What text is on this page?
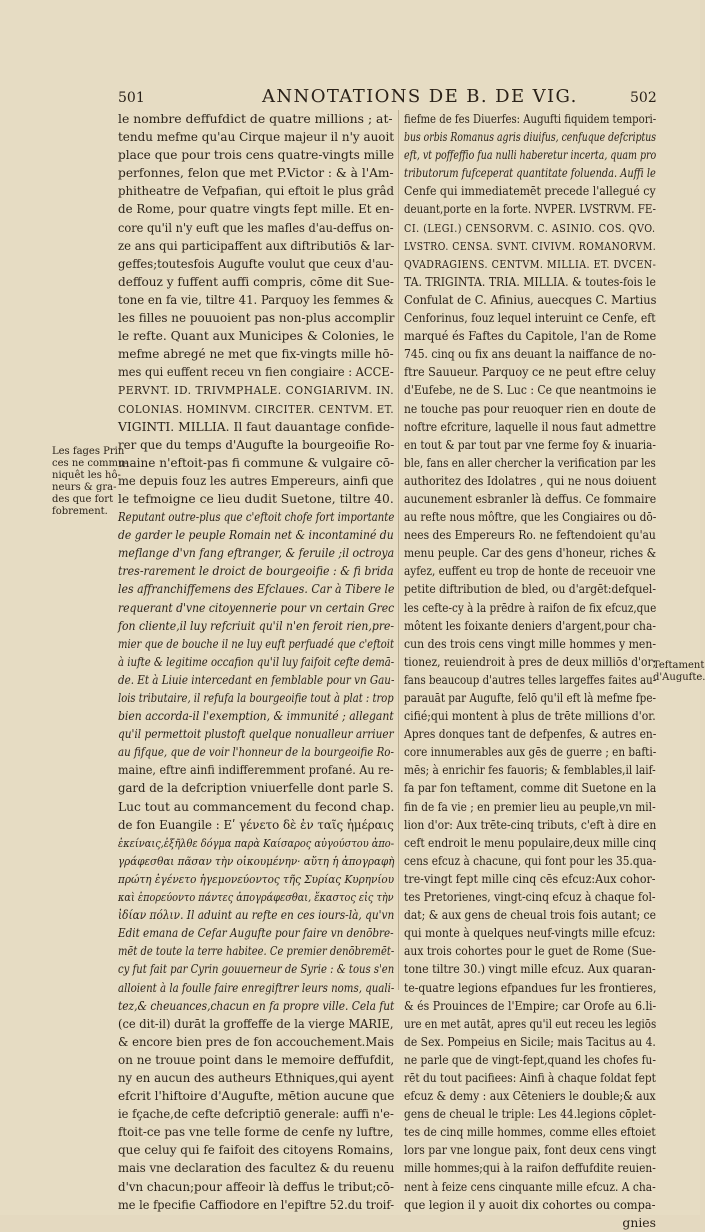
501	ANNOTATIONS DE B. DE VIG.	502
Les fages Prin
ces ne commu-
niquêt les hô-
neurs & gra-
des que fort
fobrement.
Teftament
d'Augufte.
le nombre deffufdict de quatre millions ; at-
tendu mefme qu'au Cirque majeur il n'y auoit
place que pour trois cens quatre-vingts mille
perfonnes, felon que met P.Victor : & à l'Am-
phitheatre de Vefpafian, qui eftoit le plus grâd
de Rome, pour quatre vingts fept mille. Et en-
core qu'il n'y euft que les mafles d'au-deffus on-
ze ans qui participaffent aux diftributiōs & lar-
geffes;toutesfois Augufte voulut que ceux d'au-
deffouz y fuffent auffi compris, cōme dit Sue-
tone en fa vie, tiltre 41. Parquoy les femmes &
les filles ne pouuoient pas non-plus accomplir
le refte. Quant aux Municipes & Colonies, le
mefme abregé ne met que fix-vingts mille hō-
mes qui euffent receu vn fien congiaire : ACCE-
PERVNT. ID. TRIVMPHALE. CONGIARIVM. IN.
COLONIAS. HOMINVM. CIRCITER. CENTVM. ET.
VIGINTI. MILLIA. Il faut dauantage confide-
rer que du temps d'Augufte la bourgeoifie Ro-
maine n'eftoit-pas fi commune & vulgaire cō-
me depuis fouz les autres Empereurs, ainfi que
le tefmoigne ce lieu dudit Suetone, tiltre 40.
Reputant outre-plus que c'eftoit chofe fort importante
de garder le peuple Romain net & incontaminé du
meflange d'vn fang eftranger, & feruile ;il octroya
tres-rarement le droict de bourgeoifie : & fi brida
les affranchiffemens des Efclaues. Car à Tibere le
requerant d'vne citoyennerie pour vn certain Grec
fon cliente,il luy refcriuit qu'il n'en feroit rien,pre-
mier que de bouche il ne luy euft perfuadé que c'eftoit
à iufte & legitime occafion qu'il luy faifoit cefte demā-
de. Et à Liuie intercedant en femblable pour vn Gau-
lois tributaire, il refufa la bourgeoifie tout à plat : trop
bien accorda-il l'exemption, & immunité ; allegant
qu'il permettoit plustoft quelque nonualleur arriuer
au fifque, que de voir l'honneur de la bourgeoifie Ro-
maine, eftre ainfi indifferemment profané. Au re-
gard de la defcription vniuerfelle dont parle S.
Luc tout au commancement du fecond chap.
de fon Euangile : Eʹ γένετο δὲ ἐν ταῖς ἡμέραις
ἐκείναις,ἐξῆλθε δόγμα παρὰ Καίσαρος αὐγούστου ἀπο-
γράφεσθαι πᾶσαν τὴν οἰκουμένην· αὕτη ἡ ἀπογραφὴ
πρώτη ἐγένετο ἡγεμονεύοντος τῆς Συρίας Κυρηνίου
καὶ ἐπορεύοντο πάντες ἀπογράφεσθαι, ἕκαστος εἰς τὴν
ἰδίαν πόλιν. Il aduint au refte en ces iours-là, qu'vn
Edit emana de Cefar Augufte pour faire vn denōbre-
mēt de toute la terre habitee. Ce premier denōbremēt-
cy fut fait par Cyrin gouuerneur de Syrie : & tous s'en
alloient à la foulle faire enregiftrer leurs noms, quali-
tez,& cheuances,chacun en fa propre ville. Cela fut
(ce dit-il) durāt la groffeffe de la vierge MARIE,
& encore bien pres de fon accouchement.Mais
on ne trouue point dans le memoire deffufdit,
ny en aucun des autheurs Ethniques,qui ayent
efcrit l'hiftoire d'Augufte, mētion aucune que
ie fçache,de cefte defcriptiō generale: auffi n'e-
ftoit-ce pas vne telle forme de cenfe ny luftre,
que celuy qui fe faifoit des citoyens Romains,
mais vne declaration des facultez & du reuenu
d'vn chacun;pour affeoir là deffus le tribut;cō-
me le fpecifie Caffiodore en l'epiftre 52.du troif-
fiefme de fes Diuerfes: Augufti fiquidem tempori-
bus orbis Romanus agris diuifus, cenfuque defcriptus
eft, vt poffeffio fua nulli haberetur incerta, quam pro
tributorum fufceperat quantitate foluenda. Auffi le
Cenfe qui immediatemēt precede l'allegué cy
deuant,porte en la forte. NVPER. LVSTRVM. FE-
CI. (LEGI.) CENSORVM. C. ASINIO. COS. QVO.
LVSTRO. CENSA. SVNT. CIVIVM. ROMANORVM.
QVADRAGIENS. CENTVM. MILLIA. ET. DVCEN-
TA. TRIGINTA. TRIA. MILLIA. & toutes-fois le
Confulat de C. Afinius, auecques C. Martius
Cenforinus, fouz lequel interuint ce Cenfe, eft
marqué és Faftes du Capitole, l'an de Rome
745. cinq ou fix ans deuant la naiffance de no-
ftre Sauueur. Parquoy ce ne peut eftre celuy
d'Eufebe, ne de S. Luc : Ce que neantmoins ie
ne touche pas pour reuoquer rien en doute de
noftre efcriture, laquelle il nous faut admettre
en tout & par tout par vne ferme foy & inuaria-
ble, fans en aller chercher la verification par les
authoritez des Idolatres , qui ne nous doiuent
aucunement esbranler là deffus. Ce fommaire
au refte nous môftre, que les Congiaires ou dō-
nees des Empereurs Ro. ne feftendoient qu'au
menu peuple. Car des gens d'honeur, riches &
ayfez, euffent eu trop de honte de receuoir vne
petite diftribution de bled, ou d'argēt:defquel-
les cefte-cy à la prēdre à raifon de fix efcuz,que
môtent les foixante deniers d'argent,pour cha-
cun des trois cens vingt mille hommes y men-
tionez, reuiendroit à pres de deux milliōs d'or;
fans beaucoup d'autres telles largeffes faites au-
parauāt par Augufte, felō qu'il eft là mefme fpe-
cifié;qui montent à plus de trēte millions d'or.
Apres donques tant de defpenfes, & autres en-
core innumerables aux gēs de guerre ; en bafti-
mēs; à enrichir fes fauoris; & femblables,il laif-
fa par fon teftament, comme dit Suetone en la
fin de fa vie ; en premier lieu au peuple,vn mil-
lion d'or: Aux trēte-cinq tributs, c'eft à dire en
ceft endroit le menu populaire,deux mille cinq
cens efcuz à chacune, qui font pour les 35.qua-
tre-vingt fept mille cinq cēs efcuz:Aux cohor-
tes Pretorienes, vingt-cinq efcuz à chaque fol-
dat; & aux gens de cheual trois fois autant; ce
qui monte à quelques neuf-vingts mille efcuz:
aux trois cohortes pour le guet de Rome (Sue-
tone tiltre 30.) vingt mille efcuz. Aux quaran-
te-quatre legions efpandues fur les frontieres,
& és Prouinces de l'Empire; car Orofe au 6.li-
ure en met autāt, apres qu'il eut receu les legiōs
de Sex. Pompeius en Sicile; mais Tacitus au 4.
ne parle que de vingt-fept,quand les chofes fu-
rēt du tout pacifiees: Ainfi à chaque foldat fept
efcuz & demy : aux Cēteniers le double;& aux
gens de cheual le triple: Les 44.legions cōplet-
tes de cinq mille hommes, comme elles eftoiet
lors par vne longue paix, font deux cens vingt
mille hommes;qui à la raifon deffufdite reuien-
nent à feize cens cinquante mille efcuz. A cha-
que legion il y auoit dix cohortes ou compa-
gnies
